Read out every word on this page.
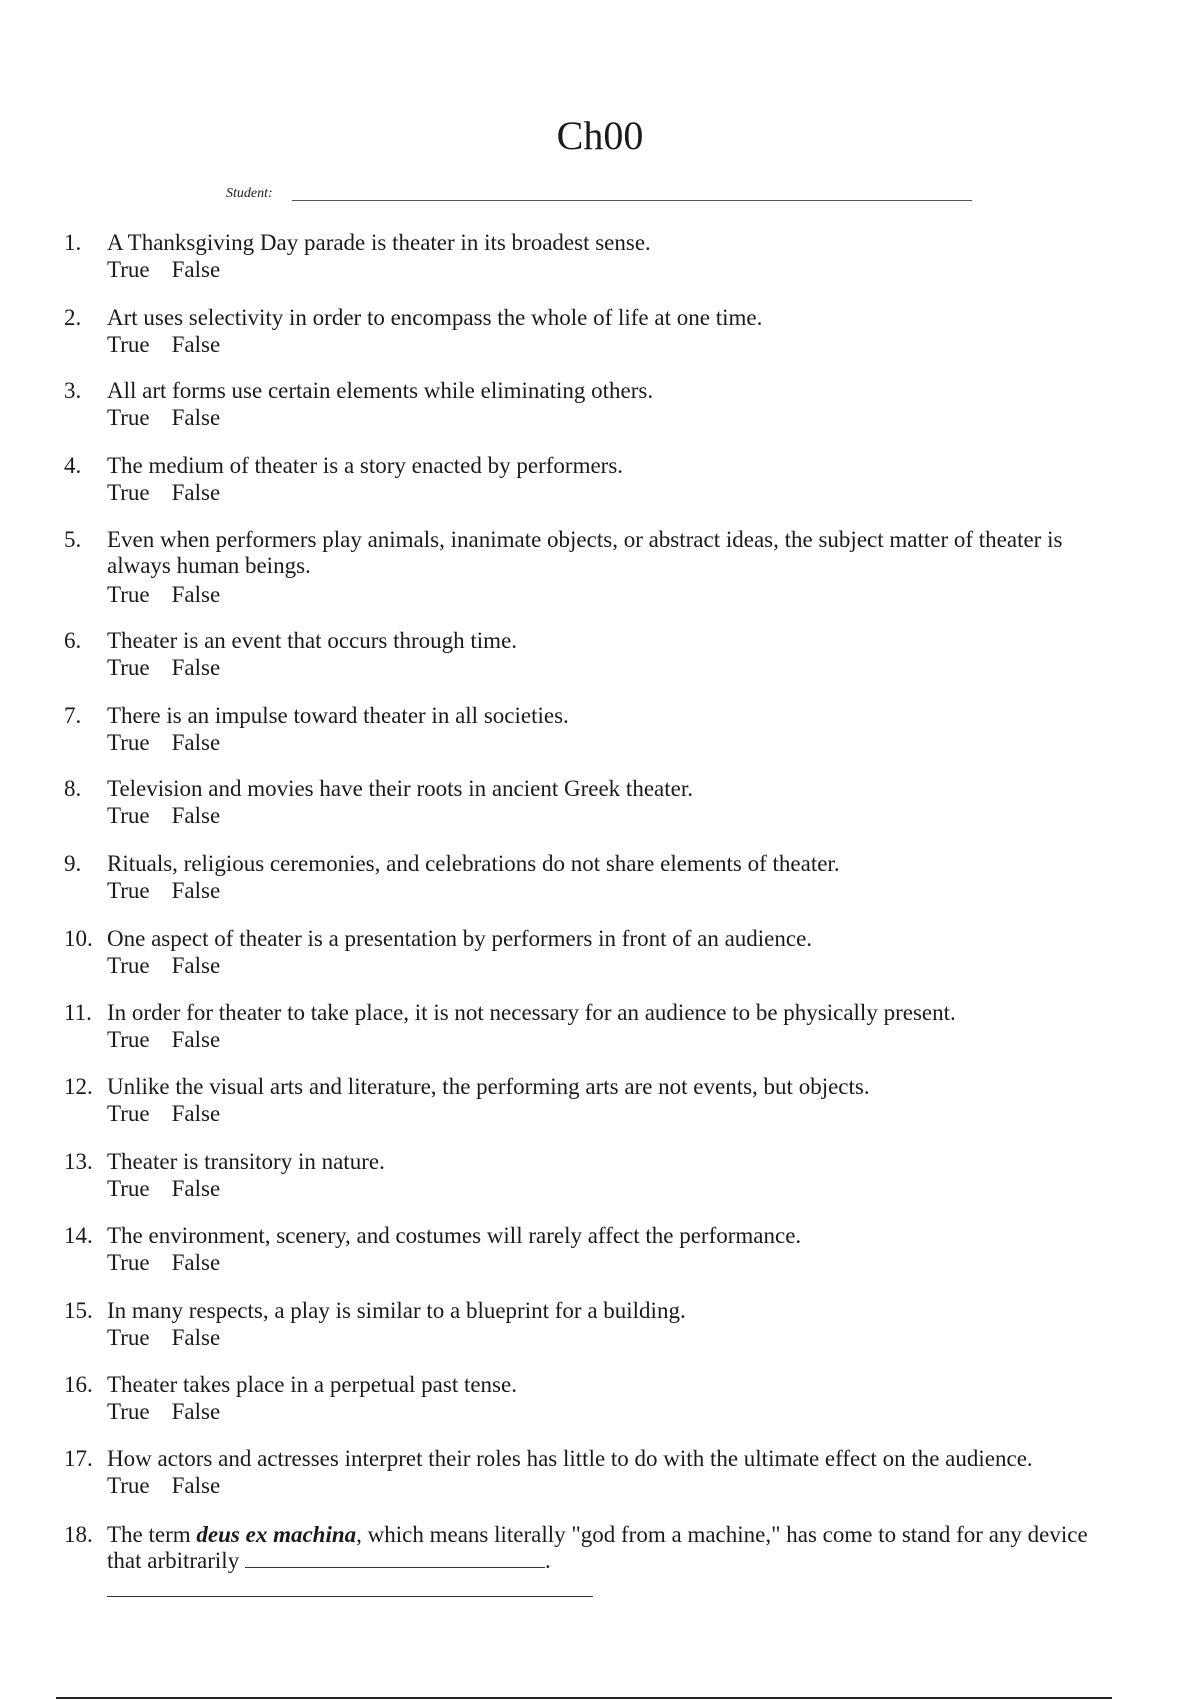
Ch00
Student:
1.	A Thanksgiving Day parade is theater in its broadest sense.
True False
2.	Art uses selectivity in order to encompass the whole of life at one time.
True False
3.	All art forms use certain elements while eliminating others.
True False
4.	The medium of theater is a story enacted by performers.
True False
5.	Even when performers play animals, inanimate objects, or abstract ideas, the subject matter of theater is always human beings.
True False
6.	Theater is an event that occurs through time.
True False
7.	There is an impulse toward theater in all societies.
True False
8.	Television and movies have their roots in ancient Greek theater.
True False
9.	Rituals, religious ceremonies, and celebrations do not share elements of theater.
True False
10. One aspect of theater is a presentation by performers in front of an audience.
True False
11. In order for theater to take place, it is not necessary for an audience to be physically present.
True False
12. Unlike the visual arts and literature, the performing arts are not events, but objects.
True False
13. Theater is transitory in nature.
True False
14. The environment, scenery, and costumes will rarely affect the performance.
True False
15. In many respects, a play is similar to a blueprint for a building.
True False
16. Theater takes place in a perpetual past tense.
True False
17. How actors and actresses interpret their roles has little to do with the ultimate effect on the audience.
True False
18. The term deus ex machina, which means literally "god from a machine," has come to stand for any device that arbitrarily	.
